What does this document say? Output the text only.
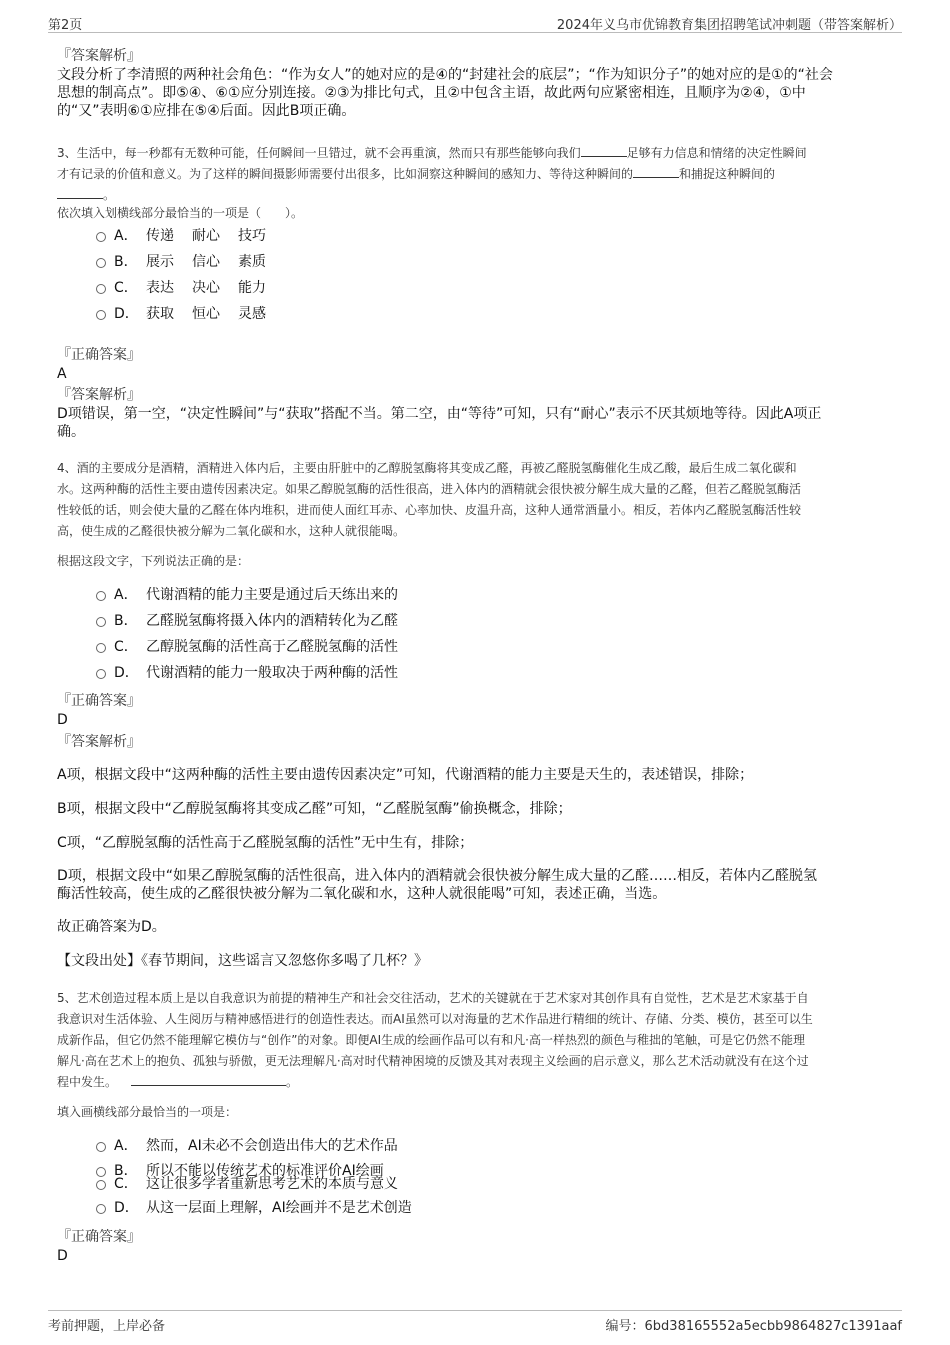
第2页	2024年义乌市优锦教育集团招聘笔试冲刺题（带答案解析）
『答案解析』
文段分析了李清照的两种社会角色：“作为女人”的她对应的是④的“封建社会的底层”；“作为知识分子”的她对应的是①的“社会
思想的制高点”。即⑤④、⑥①应分别连接。②③为排比句式，且②中包含主语，故此两句应紧密相连，且顺序为②④，①中
的“又”表明⑥①应排在⑤④后面。因此B项正确。
3、生活中，每一秒都有无数种可能，任何瞬间一旦错过，就不会再重演，然而只有那些能够向我们	足够有力信息和情绪的决定性瞬间
才有记录的价值和意义。为了这样的瞬间摄影师需要付出很多，比如洞察这种瞬间的感知力、等待这种瞬间的	和捕捉这种瞬间的
。
依次填入划横线部分最恰当的一项是（　　）。
A． 传递 耐心 技巧
B． 展示 信心 素质
C． 表达 决心 能力
D． 获取 恒心 灵感
『正确答案』
A
『答案解析』
D项错误，第一空，“决定性瞬间”与“获取”搭配不当。第二空，由“等待”可知，只有“耐心”表示不厌其烦地等待。因此A项正
确。
4、酒的主要成分是酒精，酒精进入体内后，主要由肝脏中的乙醇脱氢酶将其变成乙醛，再被乙醛脱氢酶催化生成乙酸，最后生成二氧化碳和
水。这两种酶的活性主要由遗传因素决定。如果乙醇脱氢酶的活性很高，进入体内的酒精就会很快被分解生成大量的乙醛，但若乙醛脱氢酶活
性较低的话，则会使大量的乙醛在体内堆积，进而使人面红耳赤、心率加快、皮温升高，这种人通常酒量小。相反，若体内乙醛脱氢酶活性较
高，使生成的乙醛很快被分解为二氧化碳和水，这种人就很能喝。
根据这段文字，下列说法正确的是：
A． 代谢酒精的能力主要是通过后天练出来的
B． 乙醛脱氢酶将摄入体内的酒精转化为乙醛
C． 乙醇脱氢酶的活性高于乙醛脱氢酶的活性
D． 代谢酒精的能力一般取决于两种酶的活性
『正确答案』
D
『答案解析』
A项，根据文段中“这两种酶的活性主要由遗传因素决定”可知，代谢酒精的能力主要是天生的，表述错误，排除；
B项，根据文段中“乙醇脱氢酶将其变成乙醛”可知，“乙醛脱氢酶”偷换概念，排除；
C项，“乙醇脱氢酶的活性高于乙醛脱氢酶的活性”无中生有，排除；
D项，根据文段中“如果乙醇脱氢酶的活性很高，进入体内的酒精就会很快被分解生成大量的乙醛……相反，若体内乙醛脱氢
酶活性较高，使生成的乙醛很快被分解为二氧化碳和水，这种人就很能喝”可知，表述正确，当选。
故正确答案为D。
【文段出处】《春节期间，这些谣言又忽悠你多喝了几杯？》
5、艺术创造过程本质上是以自我意识为前提的精神生产和社会交往活动，艺术的关键就在于艺术家对其创作具有自觉性，艺术是艺术家基于自
我意识对生活体验、人生阅历与精神感悟进行的创造性表达。而AI虽然可以对海量的艺术作品进行精细的统计、存储、分类、模仿，甚至可以生
成新作品，但它仍然不能理解它模仿与“创作”的对象。即便AI生成的绘画作品可以有和凡·高一样热烈的颜色与稚拙的笔触，可是它仍然不能理
解凡·高在艺术上的抱负、孤独与骄傲，更无法理解凡·高对时代精神困境的反馈及其对表现主义绘画的启示意义，那么艺术活动就没有在这个过
程中发生。	。
填入画横线部分最恰当的一项是：
A． 然而，AI未必不会创造出伟大的艺术作品
B． 所以不能以传统艺术的标准评价AI绘画
C． 这让很多学者重新思考艺术的本质与意义
D． 从这一层面上理解，AI绘画并不是艺术创造
『正确答案』
D
考前押题，上岸必备	编号：6bd38165552a5ecbb9864827c1391aaf
